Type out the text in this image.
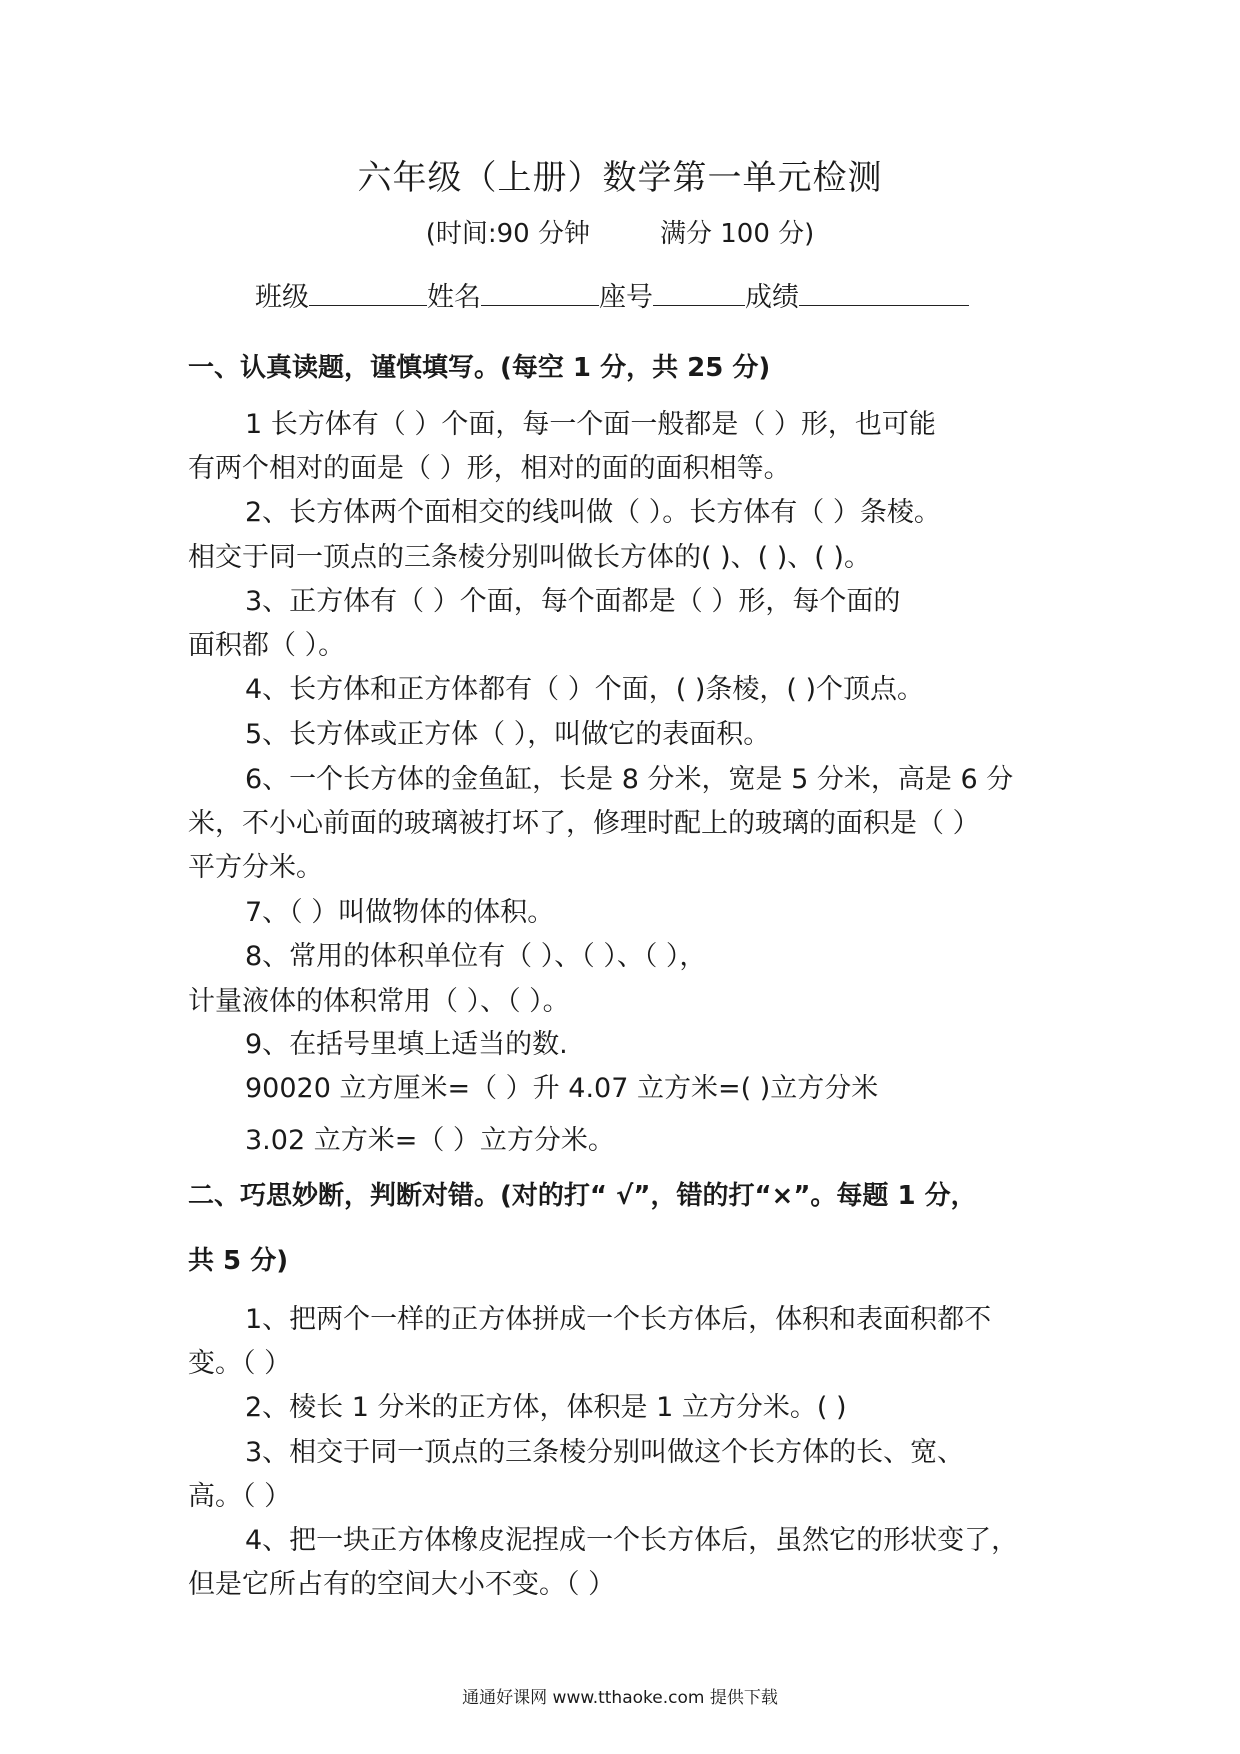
六年级（上册）数学第一单元检测
(时间:90 分钟	满分 100 分)
班级	姓名	座号	成绩
一、认真读题，谨慎填写。(每空 1 分，共 25 分)
1 长方体有（ ）个面，每一个面一般都是（ ）形，也可能
有两个相对的面是（ ）形，相对的面的面积相等。
2、长方体两个面相交的线叫做（ ）。长方体有（ ）条棱。
相交于同一顶点的三条棱分别叫做长方体的( )、( )、( )。
3、正方体有（ ）个面，每个面都是（ ）形，每个面的
面积都（ ）。
4、长方体和正方体都有（ ）个面，( )条棱，( )个顶点。
5、长方体或正方体（ ），叫做它的表面积。
6、一个长方体的金鱼缸，长是 8 分米，宽是 5 分米，高是 6 分
米，不小心前面的玻璃被打坏了，修理时配上的玻璃的面积是（ ）
平方分米。
7、（ ）叫做物体的体积。
8、常用的体积单位有（ ）、（ ）、（ ），
计量液体的体积常用（ ）、（ ）。
9、在括号里填上适当的数.
90020 立方厘米=（ ）升 4.07 立方米=( )立方分米
3.02 立方米=（ ）立方分米。
二、巧思妙断，判断对错。(对的打“ √”，错的打“×”。每题 1 分，
共 5 分)
1、把两个一样的正方体拼成一个长方体后，体积和表面积都不
变。（ ）
2、棱长 1 分米的正方体，体积是 1 立方分米。( )
3、相交于同一顶点的三条棱分别叫做这个长方体的长、宽、
高。（ ）
4、把一块正方体橡皮泥捏成一个长方体后，虽然它的形状变了，
但是它所占有的空间大小不变。（ ）
通通好课网 www.tthaoke.com 提供下载
